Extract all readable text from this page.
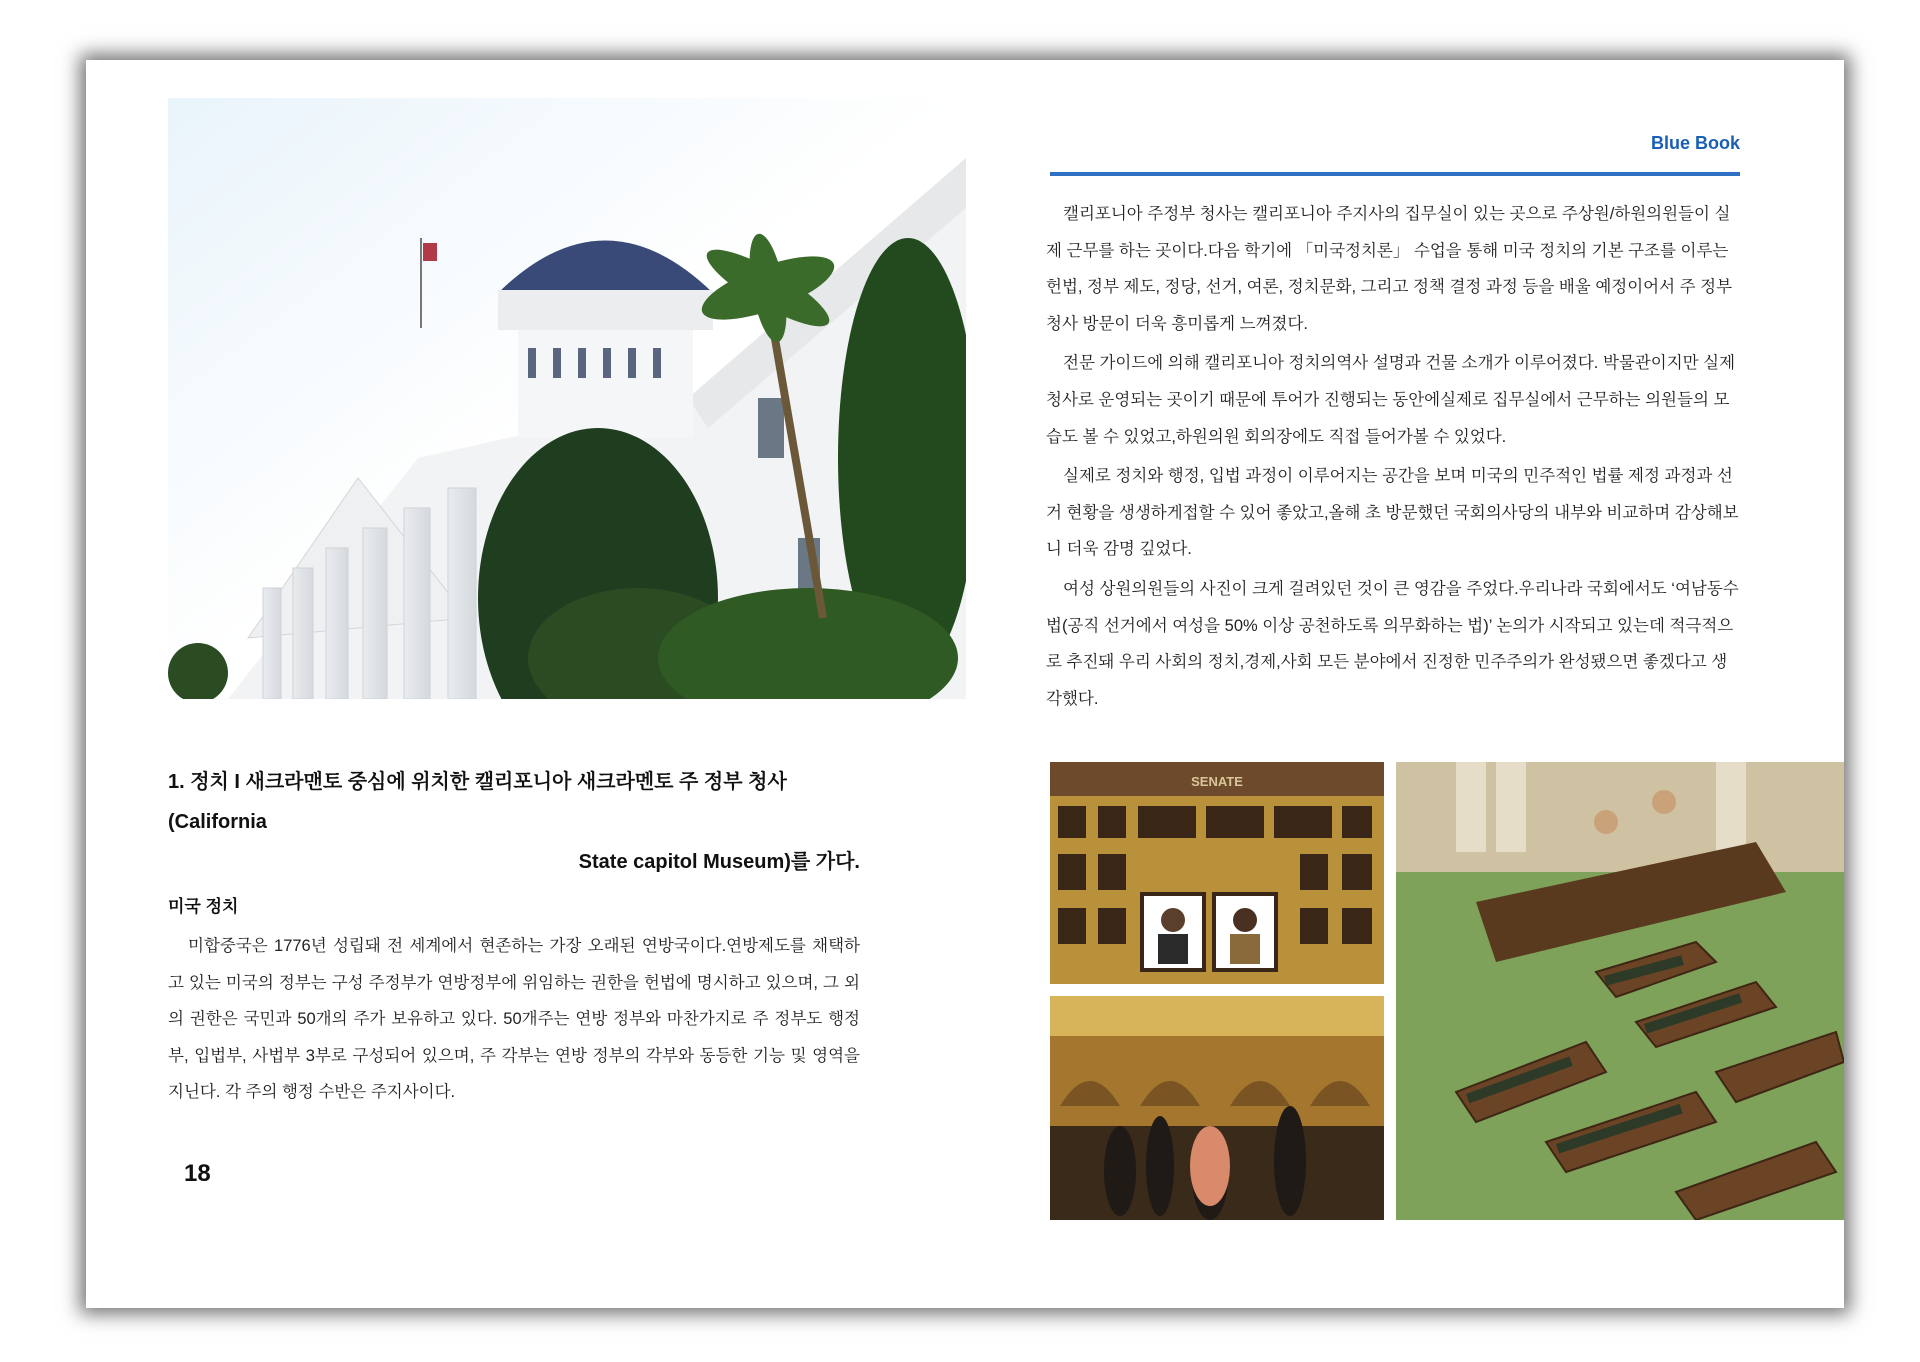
1. 정치 I 새크라맨토 중심에 위치한 캘리포니아 새크라멘토 주 정부 청사(California
State capitol Museum)를 가다.
미국 정치
미합중국은 1776년 성립돼 전 세계에서 현존하는 가장 오래된 연방국이다.연방제도를 채택하고 있는 미국의 정부는 구성 주정부가 연방정부에 위임하는 권한을 헌법에 명시하고 있으며, 그 외의 권한은 국민과 50개의 주가 보유하고 있다. 50개주는 연방 정부와 마찬가지로 주 정부도 행정부, 입법부, 사법부 3부로 구성되어 있으며, 주 각부는 연방 정부의 각부와 동등한 기능 및 영역을 지닌다. 각 주의 행정 수반은 주지사이다.
18
Blue Book

캘리포니아 주정부 청사는 캘리포니아 주지사의 집무실이 있는 곳으로 주상원/하원의원들이 실제 근무를 하는 곳이다.다음 학기에 「미국정치론」 수업을 통해 미국 정치의 기본 구조를 이루는 헌법, 정부 제도, 정당, 선거, 여론, 정치문화, 그리고 정책 결정 과정 등을 배울 예정이어서 주 정부청사 방문이 더욱 흥미롭게 느껴졌다.

전문 가이드에 의해 캘리포니아 정치의역사 설명과 건물 소개가 이루어졌다. 박물관이지만 실제 청사로 운영되는 곳이기 때문에 투어가 진행되는 동안에실제로 집무실에서 근무하는 의원들의 모습도 볼 수 있었고,하원의원 회의장에도 직접 들어가볼 수 있었다.

실제로 정치와 행정, 입법 과정이 이루어지는 공간을 보며 미국의 민주적인 법률 제정 과정과 선거 현황을 생생하게접할 수 있어 좋았고,올해 초 방문했던 국회의사당의 내부와 비교하며 감상해보니 더욱 감명 깊었다.

여성 상원의원들의 사진이 크게 걸려있던 것이 큰 영감을 주었다.우리나라 국회에서도 ‘여남동수법(공직 선거에서 여성을 50% 이상 공천하도록 의무화하는 법)’ 논의가 시작되고 있는데 적극적으로 추진돼 우리 사회의 정치,경제,사회 모든 분야에서 진정한 민주주의가 완성됐으면 좋겠다고 생각했다.

SENATE
